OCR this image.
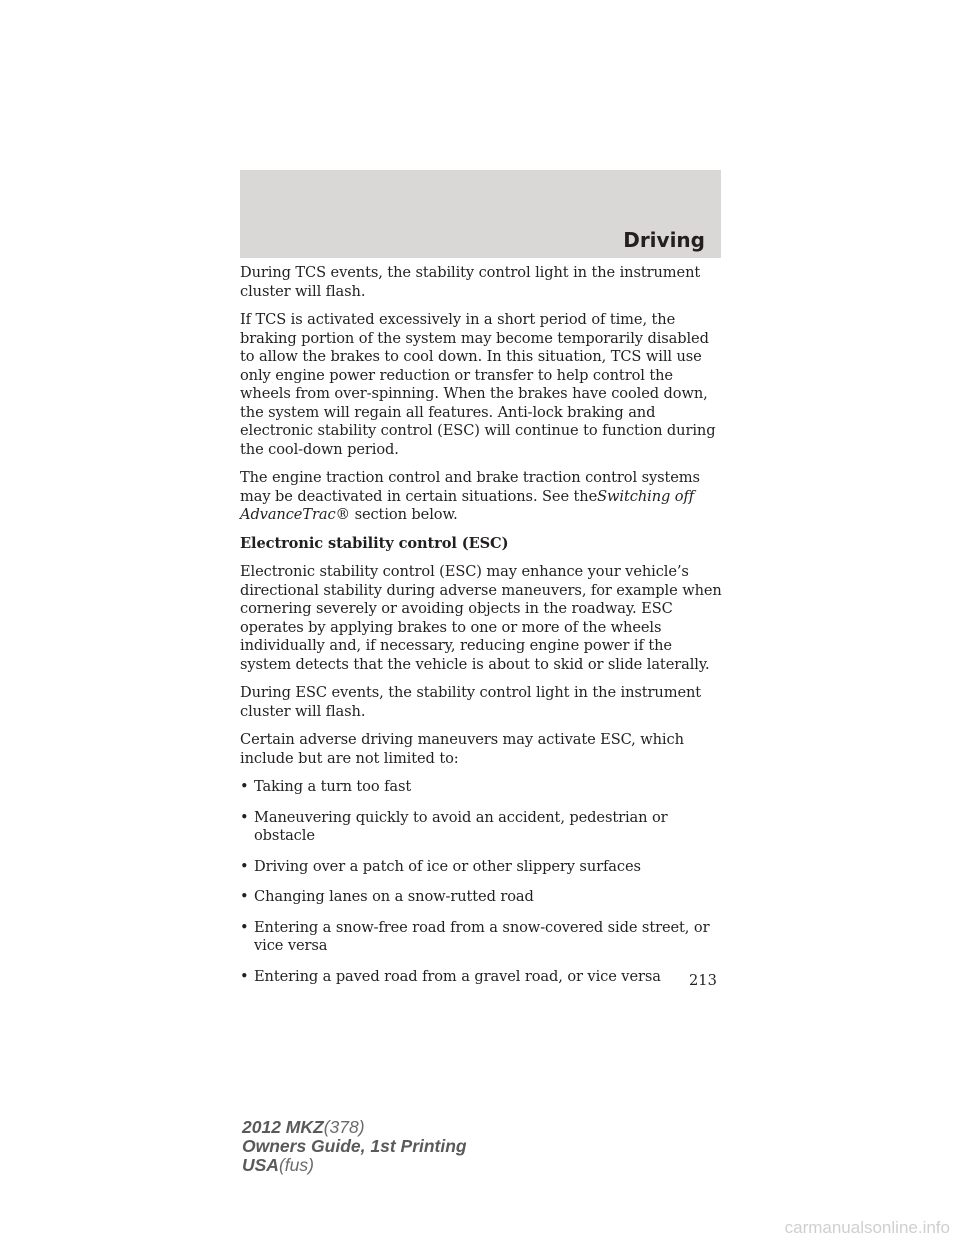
Driving

During TCS events, the stability control light in the instrument cluster will flash.

If TCS is activated excessively in a short period of time, the braking portion of the system may become temporarily disabled to allow the brakes to cool down. In this situation, TCS will use only engine power reduction or transfer to help control the wheels from over-spinning. When the brakes have cooled down, the system will regain all features. Anti-lock braking and electronic stability control (ESC) will continue to function during the cool-down period.

The engine traction control and brake traction control systems may be deactivated in certain situations. See theSwitching off AdvanceTrac® section below.

Electronic stability control (ESC)

Electronic stability control (ESC) may enhance your vehicle’s directional stability during adverse maneuvers, for example when cornering severely or avoiding objects in the roadway. ESC operates by applying brakes to one or more of the wheels individually and, if necessary, reducing engine power if the system detects that the vehicle is about to skid or slide laterally.

During ESC events, the stability control light in the instrument cluster will flash.

Certain adverse driving maneuvers may activate ESC, which include but are not limited to:

• Taking a turn too fast
• Maneuvering quickly to avoid an accident, pedestrian or obstacle
• Driving over a patch of ice or other slippery surfaces
• Changing lanes on a snow-rutted road
• Entering a snow-free road from a snow-covered side street, or vice versa
• Entering a paved road from a gravel road, or vice versa	213
2012 MKZ(378)
Owners Guide, 1st Printing
USA(fus)
carmanualsonline.info
